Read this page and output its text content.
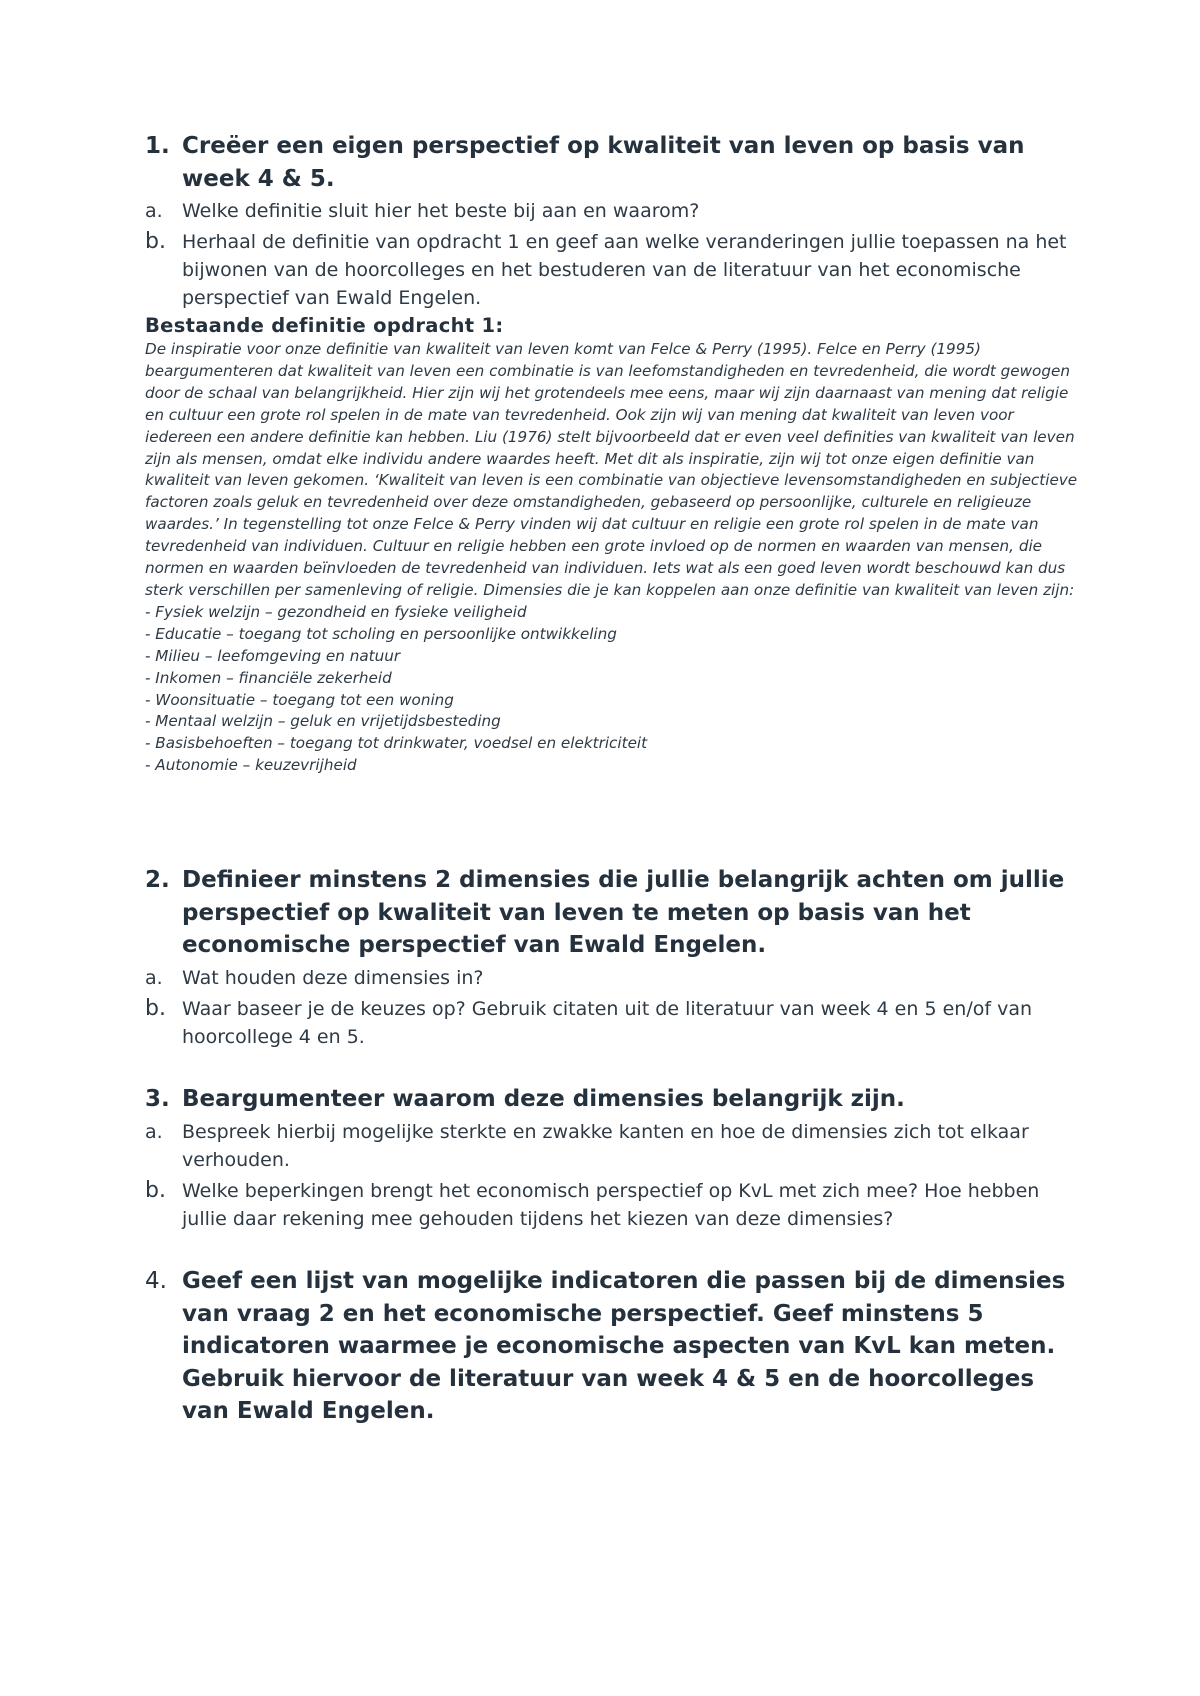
1. Creëer een eigen perspectief op kwaliteit van leven op basis van week 4 & 5.
a.	Welke definitie sluit hier het beste bij aan en waarom?
b. Herhaal de definitie van opdracht 1 en geef aan welke veranderingen jullie toepassen na het bijwonen van de hoorcolleges en het bestuderen van de literatuur van het economische perspectief van Ewald Engelen.
Bestaande definitie opdracht 1:
De inspiratie voor onze definitie van kwaliteit van leven komt van Felce & Perry (1995). Felce en Perry (1995) beargumenteren dat kwaliteit van leven een combinatie is van leefomstandigheden en tevredenheid, die wordt gewogen door de schaal van belangrijkheid. Hier zijn wij het grotendeels mee eens, maar wij zijn daarnaast van mening dat religie en cultuur een grote rol spelen in de mate van tevredenheid. Ook zijn wij van mening dat kwaliteit van leven voor iedereen een andere definitie kan hebben. Liu (1976) stelt bijvoorbeeld dat er even veel definities van kwaliteit van leven zijn als mensen, omdat elke individu andere waardes heeft. Met dit als inspiratie, zijn wij tot onze eigen definitie van kwaliteit van leven gekomen. ‘Kwaliteit van leven is een combinatie van objectieve levensomstandigheden en subjectieve factoren zoals geluk en tevredenheid over deze omstandigheden, gebaseerd op persoonlijke, culturele en religieuze waardes.’ In tegenstelling tot onze Felce & Perry vinden wij dat cultuur en religie een grote rol spelen in de mate van tevredenheid van individuen. Cultuur en religie hebben een grote invloed op de normen en waarden van mensen, die normen en waarden beïnvloeden de tevredenheid van individuen. Iets wat als een goed leven wordt beschouwd kan dus sterk verschillen per samenleving of religie. Dimensies die je kan koppelen aan onze definitie van kwaliteit van leven zijn:
- Fysiek welzijn – gezondheid en fysieke veiligheid
- Educatie – toegang tot scholing en persoonlijke ontwikkeling
- Milieu – leefomgeving en natuur
- Inkomen – financiële zekerheid
- Woonsituatie – toegang tot een woning
- Mentaal welzijn – geluk en vrijetijdsbesteding
- Basisbehoeften – toegang tot drinkwater, voedsel en elektriciteit
- Autonomie – keuzevrijheid
2. Definieer minstens 2 dimensies die jullie belangrijk achten om jullie perspectief op kwaliteit van leven te meten op basis van het economische perspectief van Ewald Engelen.
a.	Wat houden deze dimensies in?
b. Waar baseer je de keuzes op? Gebruik citaten uit de literatuur van week 4 en 5 en/of van hoorcollege 4 en 5.
3. Beargumenteer waarom deze dimensies belangrijk zijn.
a.	Bespreek hierbij mogelijke sterkte en zwakke kanten en hoe de dimensies zich tot elkaar verhouden.
b. Welke beperkingen brengt het economisch perspectief op KvL met zich mee? Hoe hebben jullie daar rekening mee gehouden tijdens het kiezen van deze dimensies?
4. Geef een lijst van mogelijke indicatoren die passen bij de dimensies van vraag 2 en het economische perspectief. Geef minstens 5 indicatoren waarmee je economische aspecten van KvL kan meten. Gebruik hiervoor de literatuur van week 4 & 5 en de hoorcolleges van Ewald Engelen.
